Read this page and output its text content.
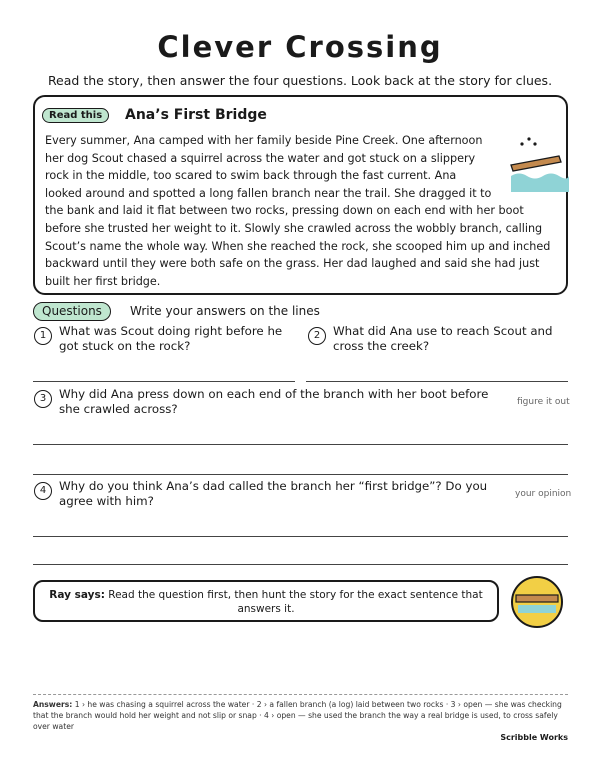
Clever Crossing
Read the story, then answer the four questions. Look back at the story for clues.
Read this	Ana’s First Bridge
Every summer, Ana camped with her family beside Pine Creek. One afternoon her dog Scout chased a squirrel across the water and got stuck on a slippery rock in the middle, too scared to swim back through the fast current. Ana looked around and spotted a long fallen branch near the trail. She dragged it to the bank and laid it flat between two rocks, pressing down on each end with her boot before she trusted her weight to it. Slowly she crawled across the wobbly branch, calling Scout’s name the whole way. When she reached the rock, she scooped him up and inched backward until they were both safe on the grass. Her dad laughed and said she had just built her first bridge.
Questions	Write your answers on the lines
1	What was Scout doing right before he got stuck on the rock?
2	What did Ana use to reach Scout and cross the creek?
3	Why did Ana press down on each end of the branch with her boot before she crawled across?	figure it out
4	Why do you think Ana’s dad called the branch her “first bridge”? Do you agree with him?	your opinion
Ray says: Read the question first, then hunt the story for the exact sentence that answers it.
Answers: 1 › he was chasing a squirrel across the water · 2 › a fallen branch (a log) laid between two rocks · 3 › open — she was checking that the branch would hold her weight and not slip or snap · 4 › open — she used the branch the way a real bridge is used, to cross safely over water
Scribble Works
